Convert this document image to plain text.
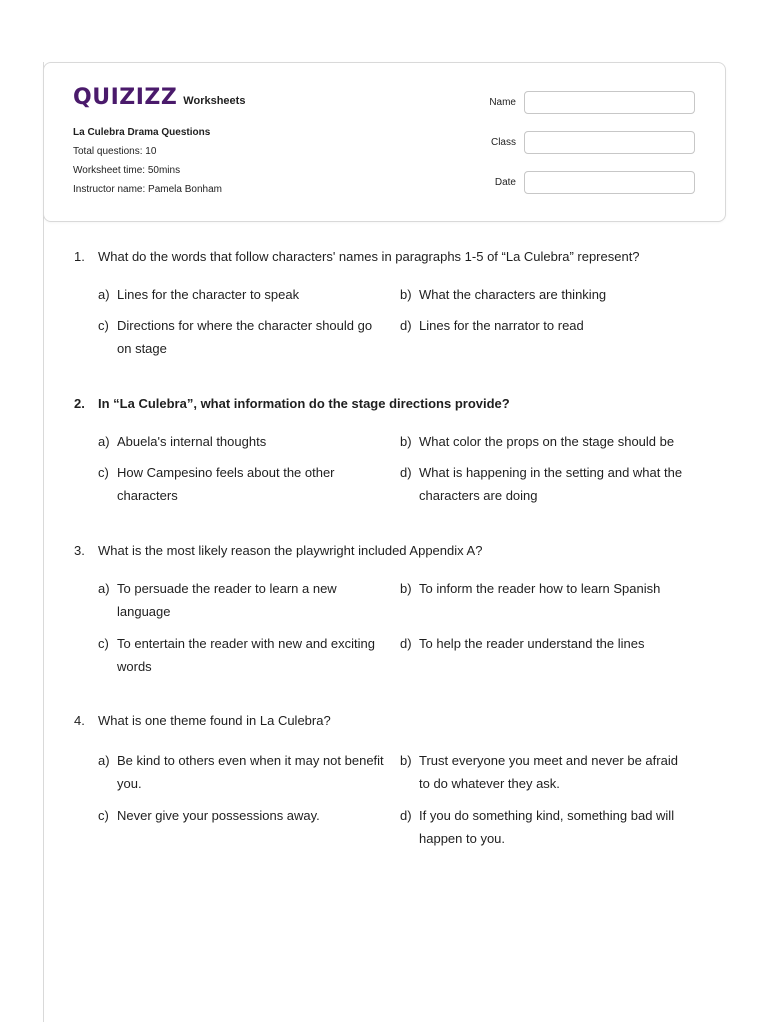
QUIZIZZ Worksheets
La Culebra Drama Questions
Total questions: 10
Worksheet time: 50mins
Instructor name: Pamela Bonham
Name
Class
Date
1.	What do the words that follow characters' names in paragraphs 1-5 of “La Culebra” represent?
a) Lines for the character to speak	b) What the characters are thinking
c) Directions for where the character should go on stage
d) Lines for the narrator to read
2.	In “La Culebra”, what information do the stage directions provide?
a) Abuela's internal thoughts	b) What color the props on the stage should be
c) How Campesino feels about the other characters
d) What is happening in the setting and what the characters are doing
3.	What is the most likely reason the playwright included Appendix A?
a) To persuade the reader to learn a new language
b) To inform the reader how to learn Spanish
c) To entertain the reader with new and exciting words
d) To help the reader understand the lines
4.	What is one theme found in La Culebra?
a) Be kind to others even when it may not benefit you.
b) Trust everyone you meet and never be afraid to do whatever they ask.
c) Never give your possessions away.	d) If you do something kind, something bad will happen to you.
